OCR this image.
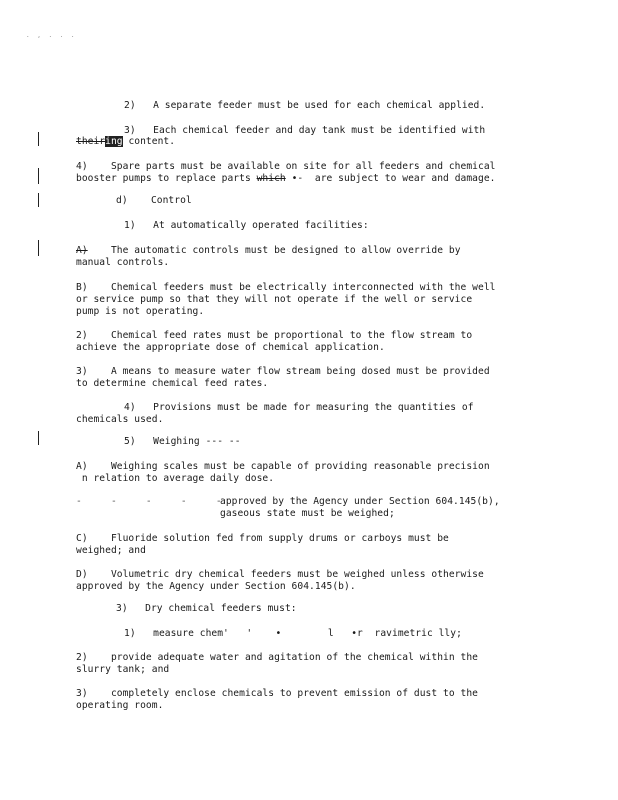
. , . . .
2)   A separate feeder must be used for each chemical applied.
3)   Each chemical feeder and day tank must be identified with
theiring content.
4)    Spare parts must be available on site for all feeders and chemical
booster pumps to replace parts which •-  are subject to wear and damage.
d)    Control
1)   At automatically operated facilities:
A)    The automatic controls must be designed to allow override by
manual controls.
B)    Chemical feeders must be electrically interconnected with the well
or service pump so that they will not operate if the well or service
pump is not operating.
2)    Chemical feed rates must be proportional to the flow stream to
achieve the appropriate dose of chemical application.
3)    A means to measure water flow stream being dosed must be provided
to determine chemical feed rates.
4)   Provisions must be made for measuring the quantities of
chemicals used.
5)   Weighing --- --
A)    Weighing scales must be capable of providing reasonable precision
n relation to average daily dose.
-     -     -     -     -
approved by the Agency under Section 604.145(b),
gaseous state must be weighed;
C)    Fluoride solution fed from supply drums or carboys must be
weighed; and
D)    Volumetric dry chemical feeders must be weighed unless otherwise
approved by the Agency under Section 604.145(b).
3)   Dry chemical feeders must:
1)   measure chem'   '    •        l   •r  ravimetric lly;
2)    provide adequate water and agitation of the chemical within the
slurry tank; and
3)    completely enclose chemicals to prevent emission of dust to the
operating room.
